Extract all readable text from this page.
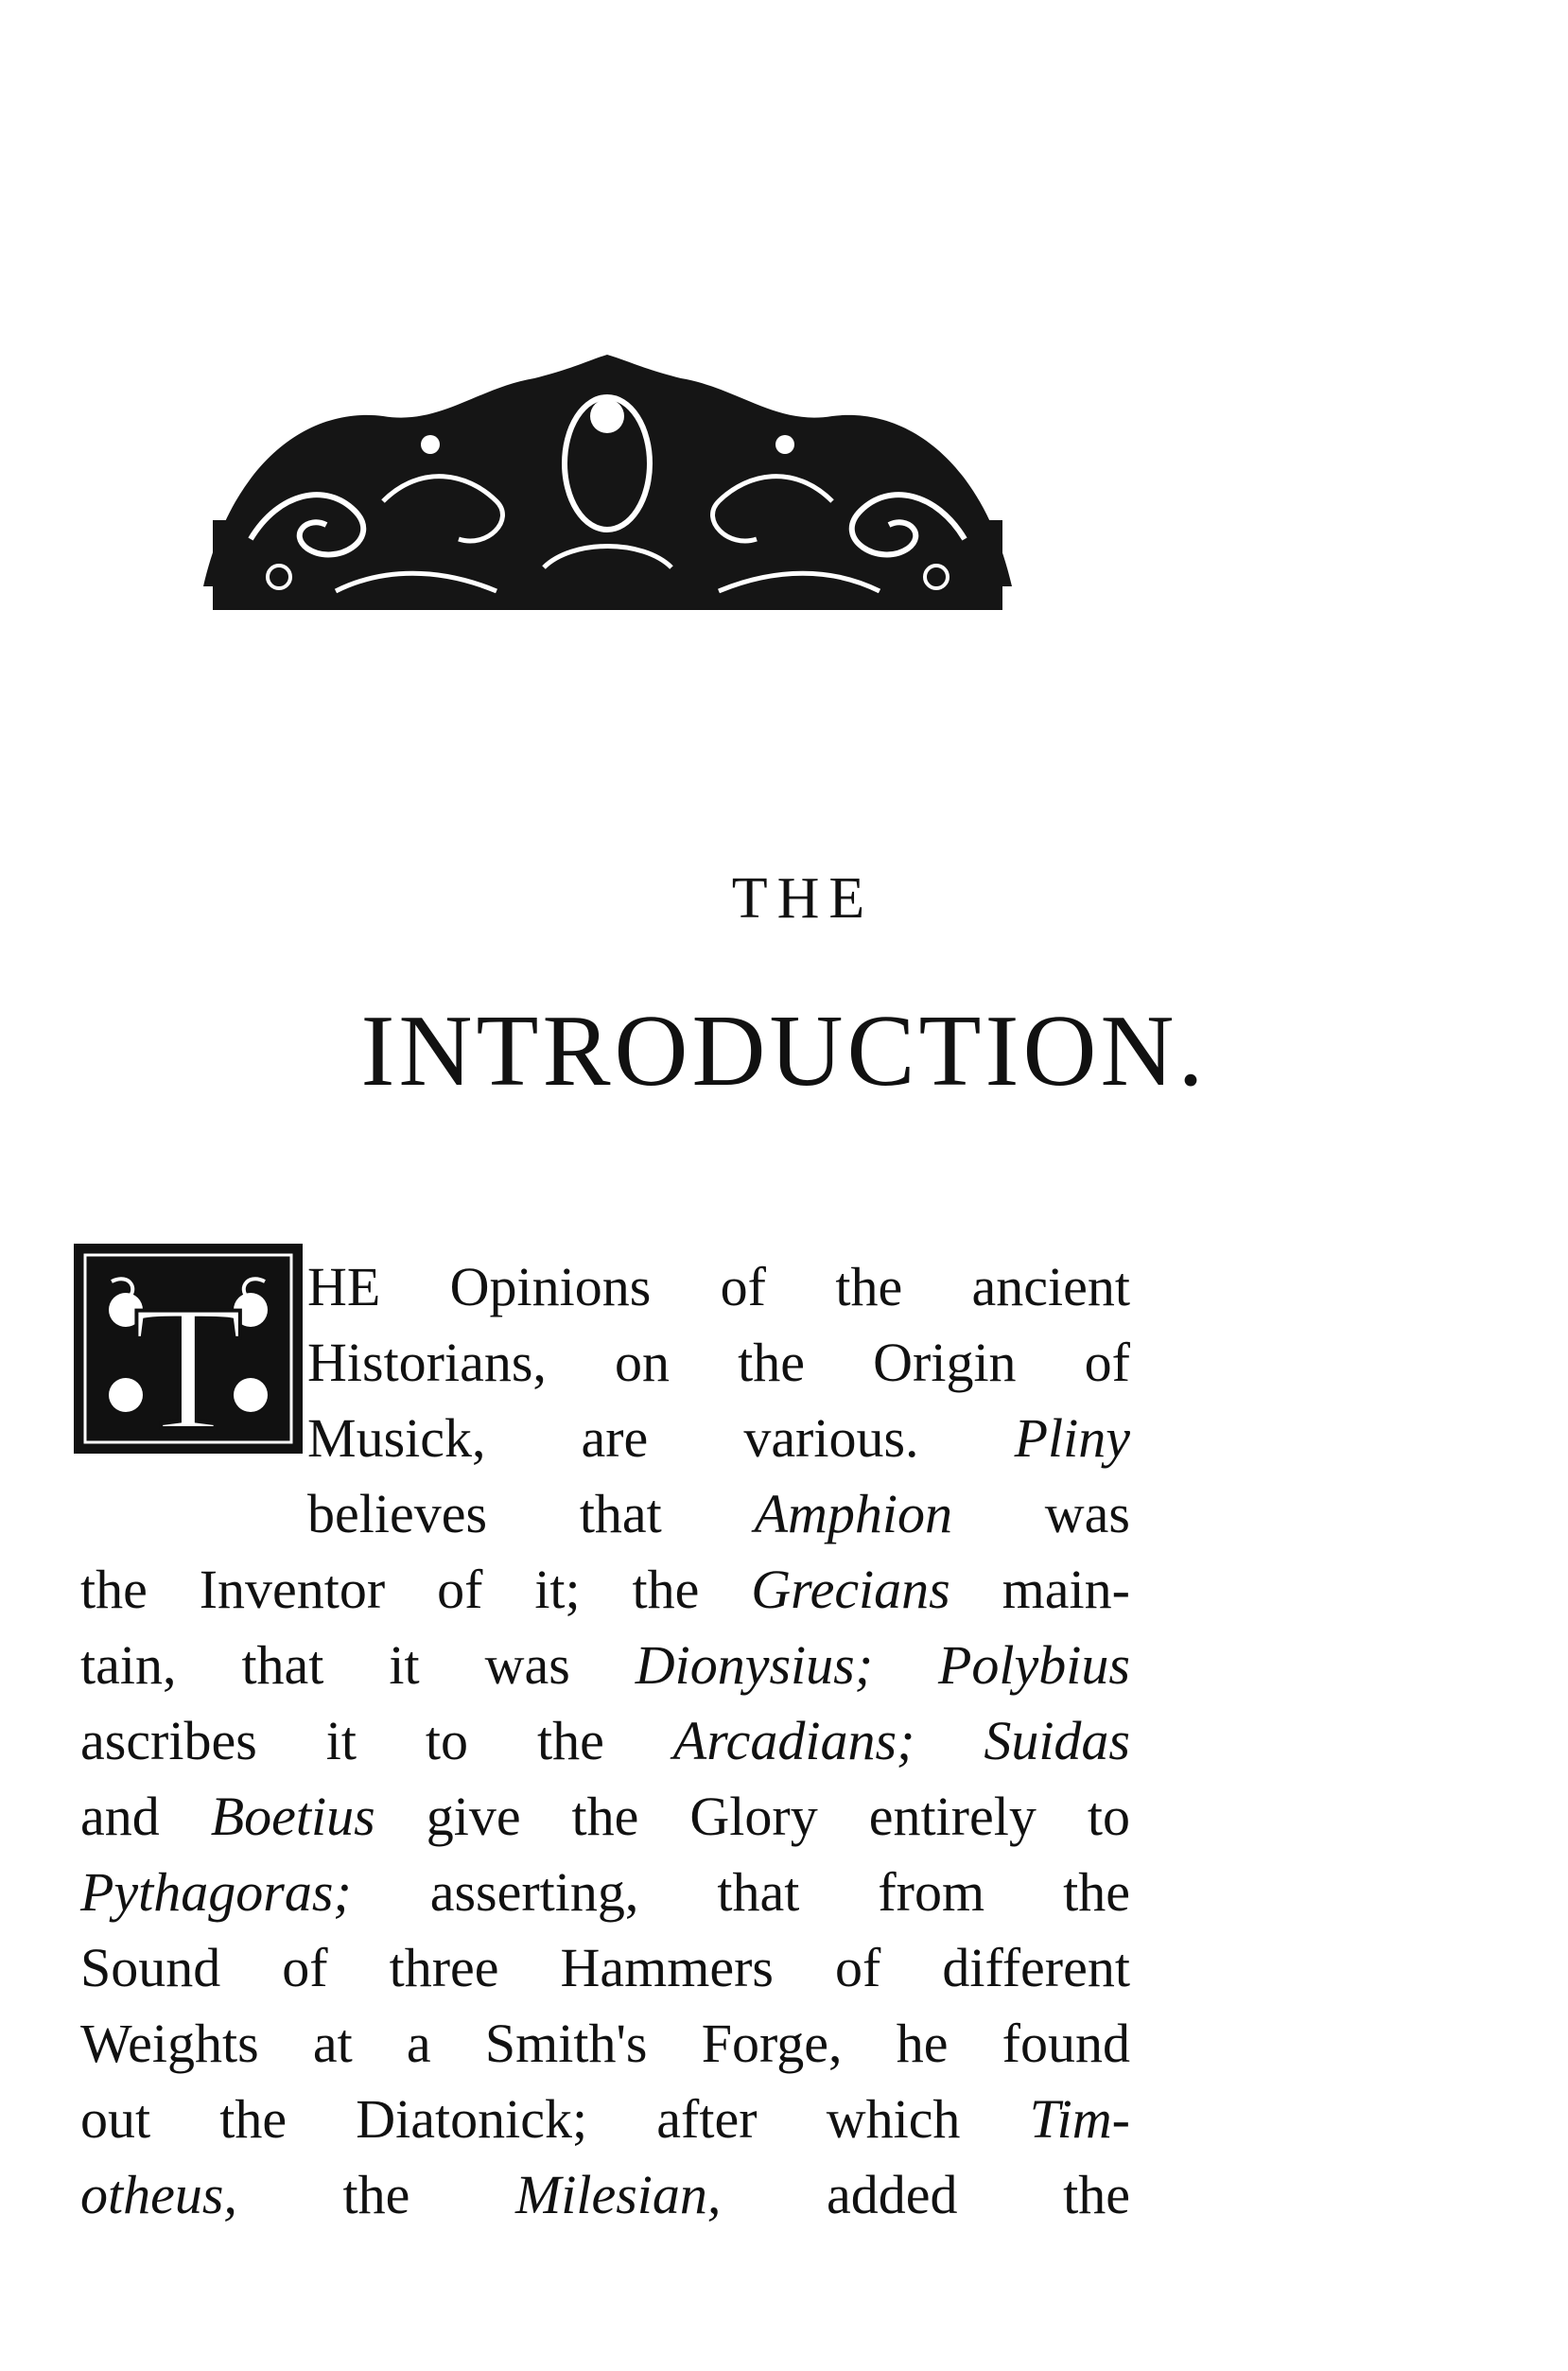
THE
INTRODUCTION.
T HE Opinions of the ancient
Historians, on the Origin of
Musick, are various. Pliny
believes that Amphion was
the Inventor of it; the Grecians main-
tain, that it was Dionysius; Polybius
ascribes it to the Arcadians; Suidas
and Boetius give the Glory entirely to
Pythagoras; asserting, that from the
Sound of three Hammers of different
Weights at a Smith's Forge, he found
out the Diatonick; after which Tim-
otheus, the Milesian, added the
